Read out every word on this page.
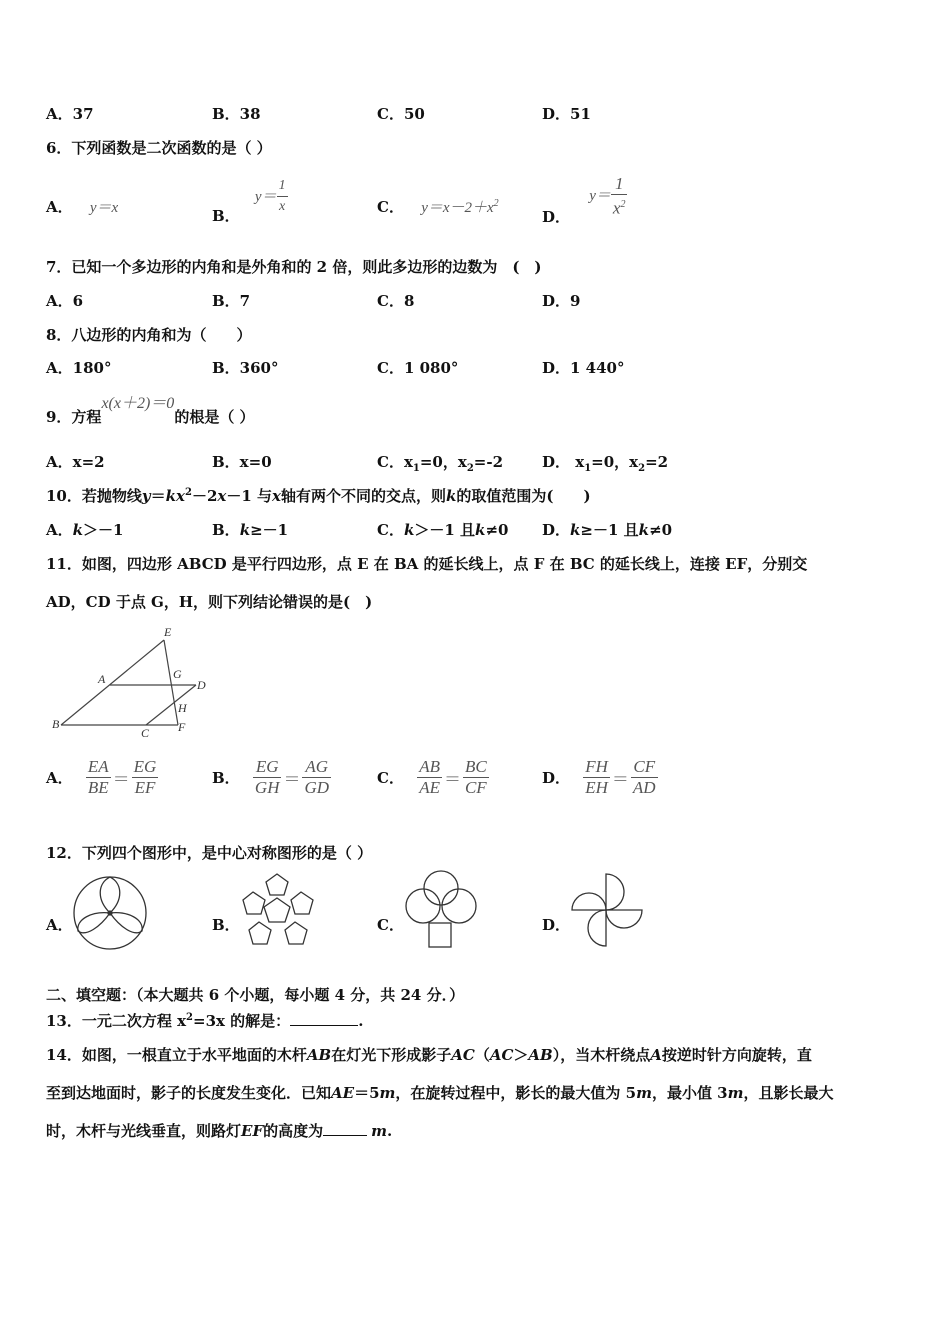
A．37	B．38	C．50	D．51
6．下列函数是二次函数的是（ ）
A． y＝x	B． $y= \frac{1}{x}$	C． $y=x-2+x^2$
D． $y= \frac{1}{x^2}$
7．已知一个多边形的内角和是外角和的 2 倍，则此多边形的边数为　(　)
A．6	B．7	C．8	D．9
8．八边形的内角和为（　　）
A．180°	B．360°	C．1 080°	D．1 440°
9．方程x(x＋2)＝0的根是（ ）
A．x=2	B．x=0	C．$x_1=0$，$x_2=-2$	D． $x_1=0$，$x_2=2$
10．若抛物线$y=kx^2-2x-1$ 与x轴有两个不同的交点，则k的取值范围为(　　)
A．k＞－1	B．k≥－1	C．k＞－1 且k≠0 D．k≥－1 且k≠0
11．如图，四边形 ABCD 是平行四边形，点 E 在 BA 的延长线上，点 F 在 BC 的延长线上，连接 EF，分别交
AD，CD 于点 G，H，则下列结论错误的是(　)
E
A	G
D
H
B
C F
A． $\frac{EA}{BE} = \frac{EG}{EF}$	B． $\frac{EG}{GH} = \frac{AG}{GD}$	C． $\frac{AB}{AE} = \frac{BC}{CF}$	D． $\frac{FH}{EH} = \frac{CF}{AD}$
12．下列四个图形中，是中心对称图形的是（ ）
A．	B．	C．	D．
二、填空题：（本大题共 6 个小题，每小题 4 分，共 24 分．）
13．一元二次方程 $x^2=3x$ 的解是：	.
14．如图，一根直立于水平地面的木杆AB在灯光下形成影子AC（AC＞AB），当木杆绕点A按逆时针方向旋转，直
至到达地面时，影子的长度发生变化．已知AE＝5m，在旋转过程中，影长的最大值为 5m，最小值 3m，且影长最大
时，木杆与光线垂直，则路灯EF的高度为	m.
